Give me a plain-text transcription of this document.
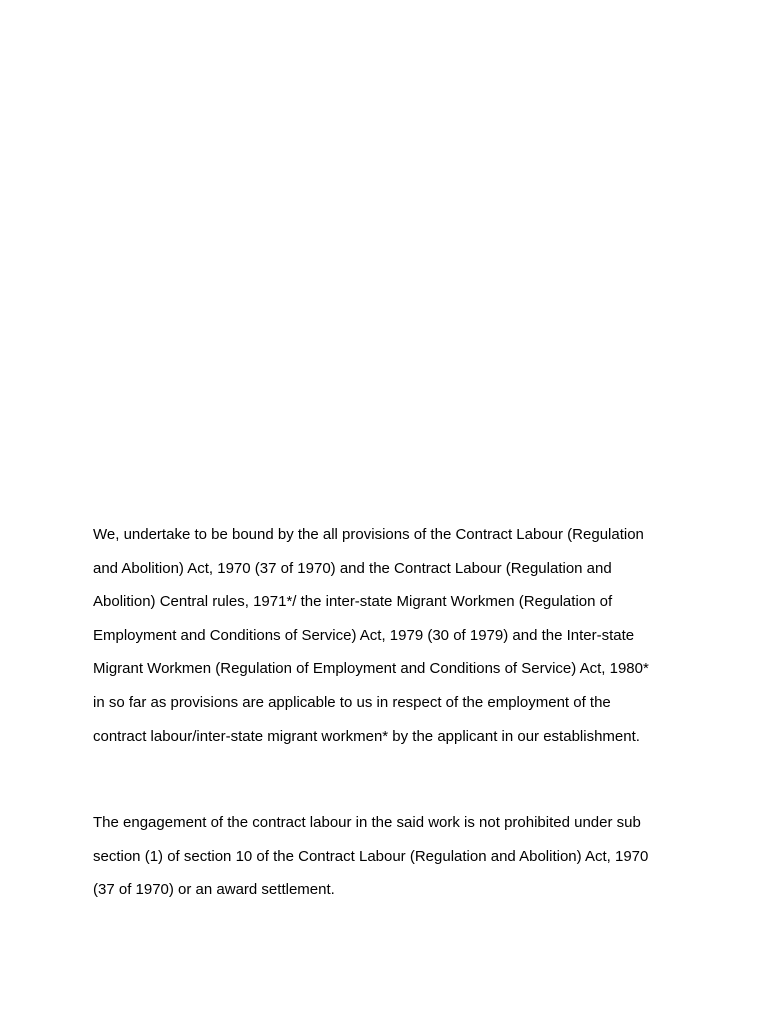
We, undertake to be bound by the all provisions of the Contract Labour (Regulation
and Abolition) Act, 1970 (37 of 1970) and the Contract Labour (Regulation and
Abolition) Central rules, 1971*/ the inter-state Migrant Workmen (Regulation of
Employment and Conditions of Service) Act, 1979 (30 of 1979) and the Inter-state
Migrant Workmen (Regulation of Employment and Conditions of Service) Act, 1980*
in so far as provisions are applicable to us in respect of the employment of the
contract labour/inter-state migrant workmen* by the applicant in our establishment.
The engagement of the contract labour in the said work is not prohibited under sub
section (1) of section 10 of the Contract Labour (Regulation and Abolition) Act, 1970
(37 of 1970) or an award settlement.
